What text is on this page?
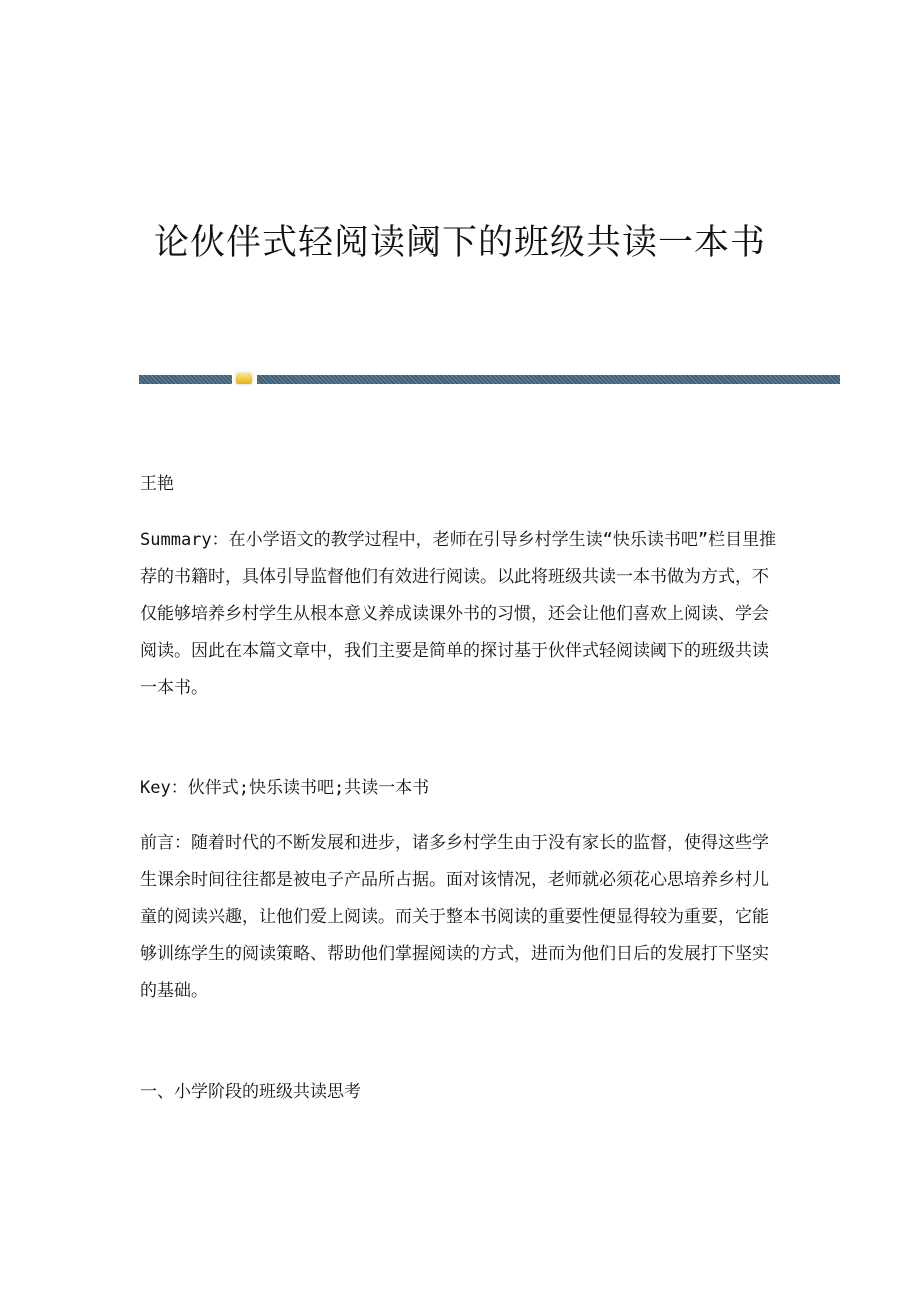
论伙伴式轻阅读阈下的班级共读一本书
王艳
Summary：在小学语文的教学过程中，老师在引导乡村学生读“快乐读书吧”栏目里推荐的书籍时，具体引导监督他们有效进行阅读。以此将班级共读一本书做为方式，不仅能够培养乡村学生从根本意义养成读课外书的习惯，还会让他们喜欢上阅读、学会阅读。因此在本篇文章中，我们主要是简单的探讨基于伙伴式轻阅读阈下的班级共读一本书。
Key：伙伴式;快乐读书吧;共读一本书
前言：随着时代的不断发展和进步，诸多乡村学生由于没有家长的监督，使得这些学生课余时间往往都是被电子产品所占据。面对该情况，老师就必须花心思培养乡村儿童的阅读兴趣，让他们爱上阅读。而关于整本书阅读的重要性便显得较为重要，它能够训练学生的阅读策略、帮助他们掌握阅读的方式，进而为他们日后的发展打下坚实的基础。
一、小学阶段的班级共读思考
